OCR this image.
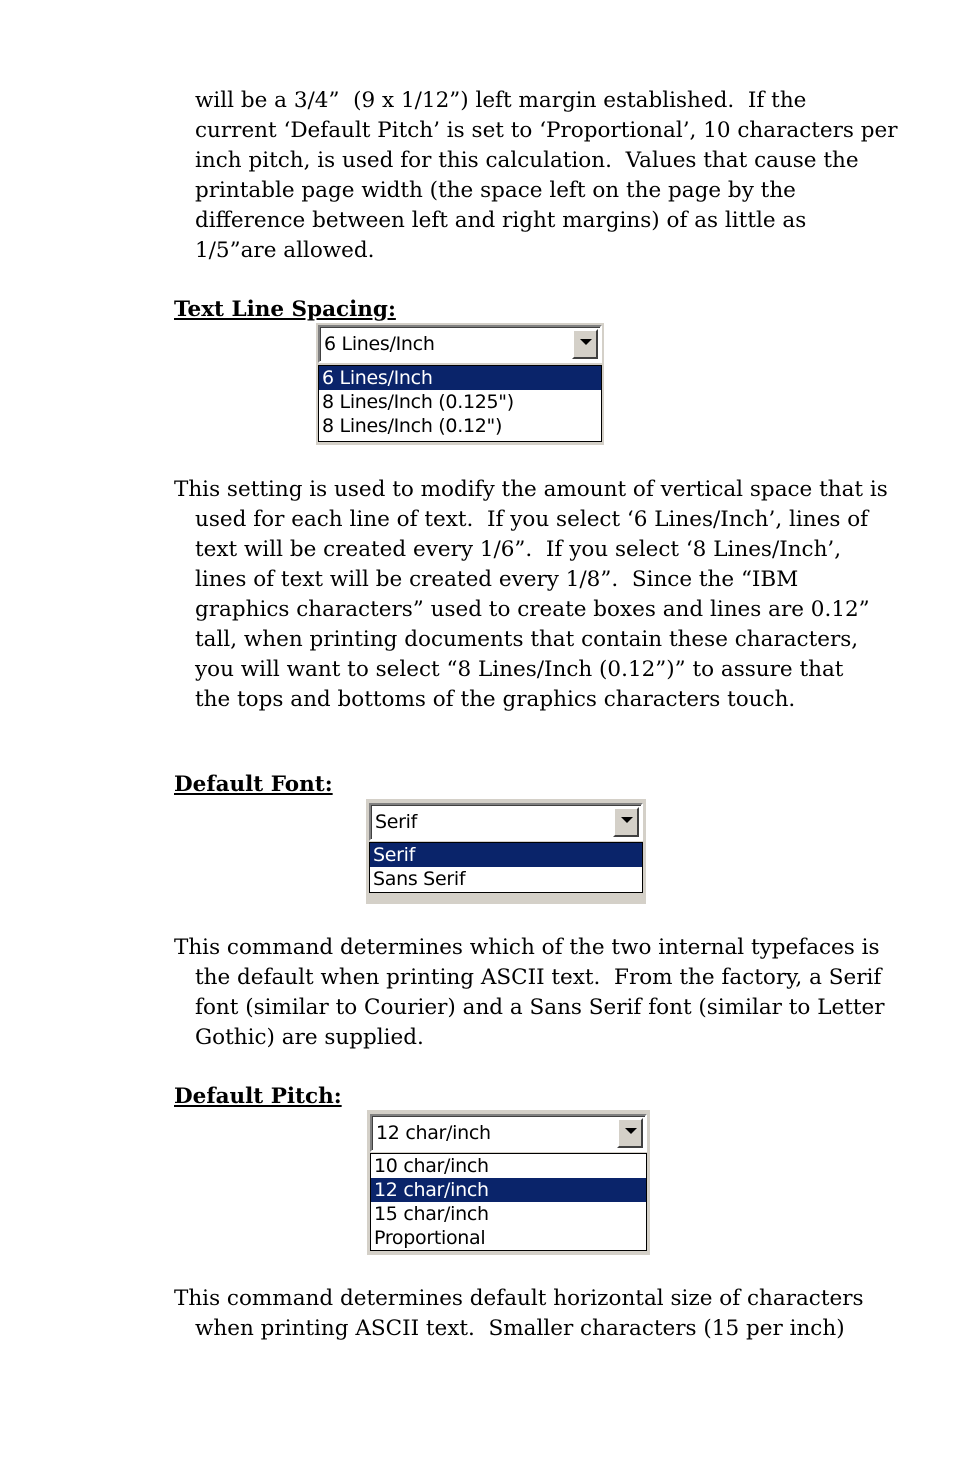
will be a 3/4”  (9 x 1/12”) left margin established.  If the
current ‘Default Pitch’ is set to ‘Proportional’, 10 characters per
inch pitch, is used for this calculation.  Values that cause the
printable page width (the space left on the page by the
difference between left and right margins) of as little as
1/5”are allowed.
Text Line Spacing:
6 Lines/Inch
6 Lines/Inch
8 Lines/Inch (0.125")
8 Lines/Inch (0.12")
This setting is used to modify the amount of vertical space that is
used for each line of text.  If you select ‘6 Lines/Inch’, lines of
text will be created every 1/6”.  If you select ‘8 Lines/Inch’,
lines of text will be created every 1/8”.  Since the “IBM
graphics characters” used to create boxes and lines are 0.12”
tall, when printing documents that contain these characters,
you will want to select “8 Lines/Inch (0.12”)” to assure that
the tops and bottoms of the graphics characters touch.
Default Font:
Serif
Serif
Sans Serif
This command determines which of the two internal typefaces is
the default when printing ASCII text.  From the factory, a Serif
font (similar to Courier) and a Sans Serif font (similar to Letter
Gothic) are supplied.
Default Pitch:
12 char/inch
10 char/inch
12 char/inch
15 char/inch
Proportional
This command determines default horizontal size of characters
when printing ASCII text.  Smaller characters (15 per inch)
